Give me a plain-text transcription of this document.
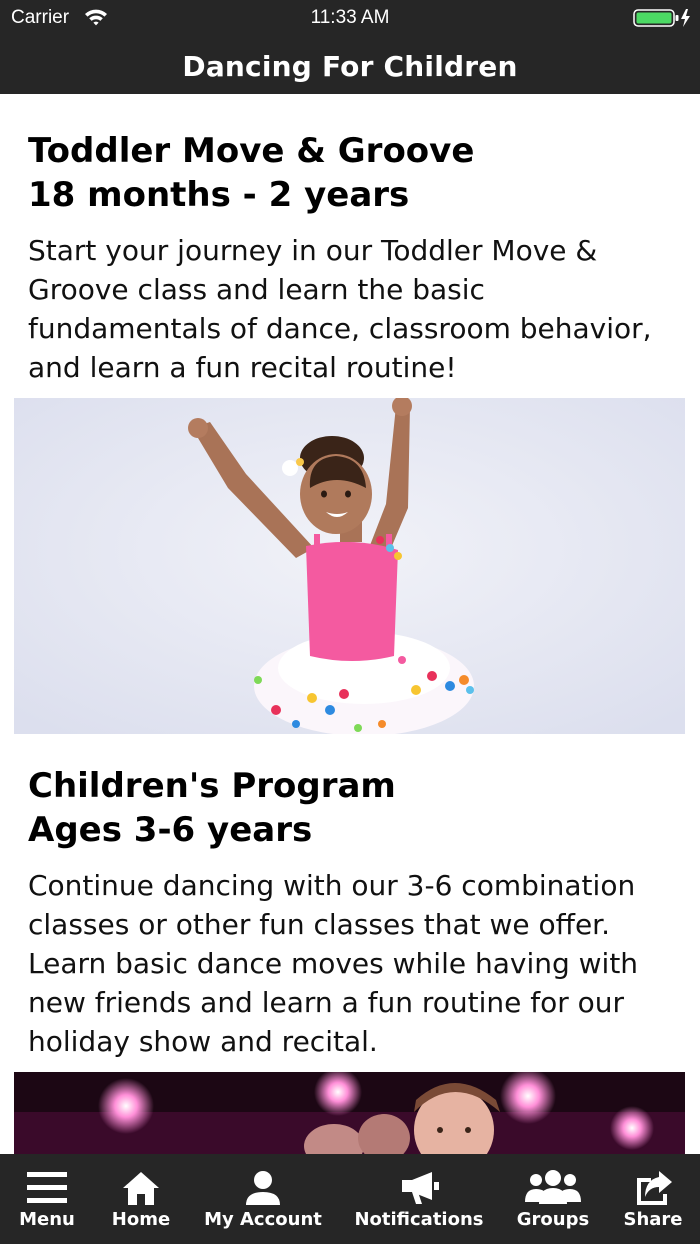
Carrier	11:33 AM
Dancing For Children
Toddler Move & Groove
18 months - 2 years
Start your journey in our Toddler Move &
Groove class and learn the basic
fundamentals of dance, classroom behavior,
and learn a fun recital routine!
Children's Program
Ages 3-6 years
Continue dancing with our 3-6 combination
classes or other fun classes that we offer.
Learn basic dance moves while having with
new friends and learn a fun routine for our
holiday show and recital.
Menu	Home	My Account	Notifications	Groups	Share
